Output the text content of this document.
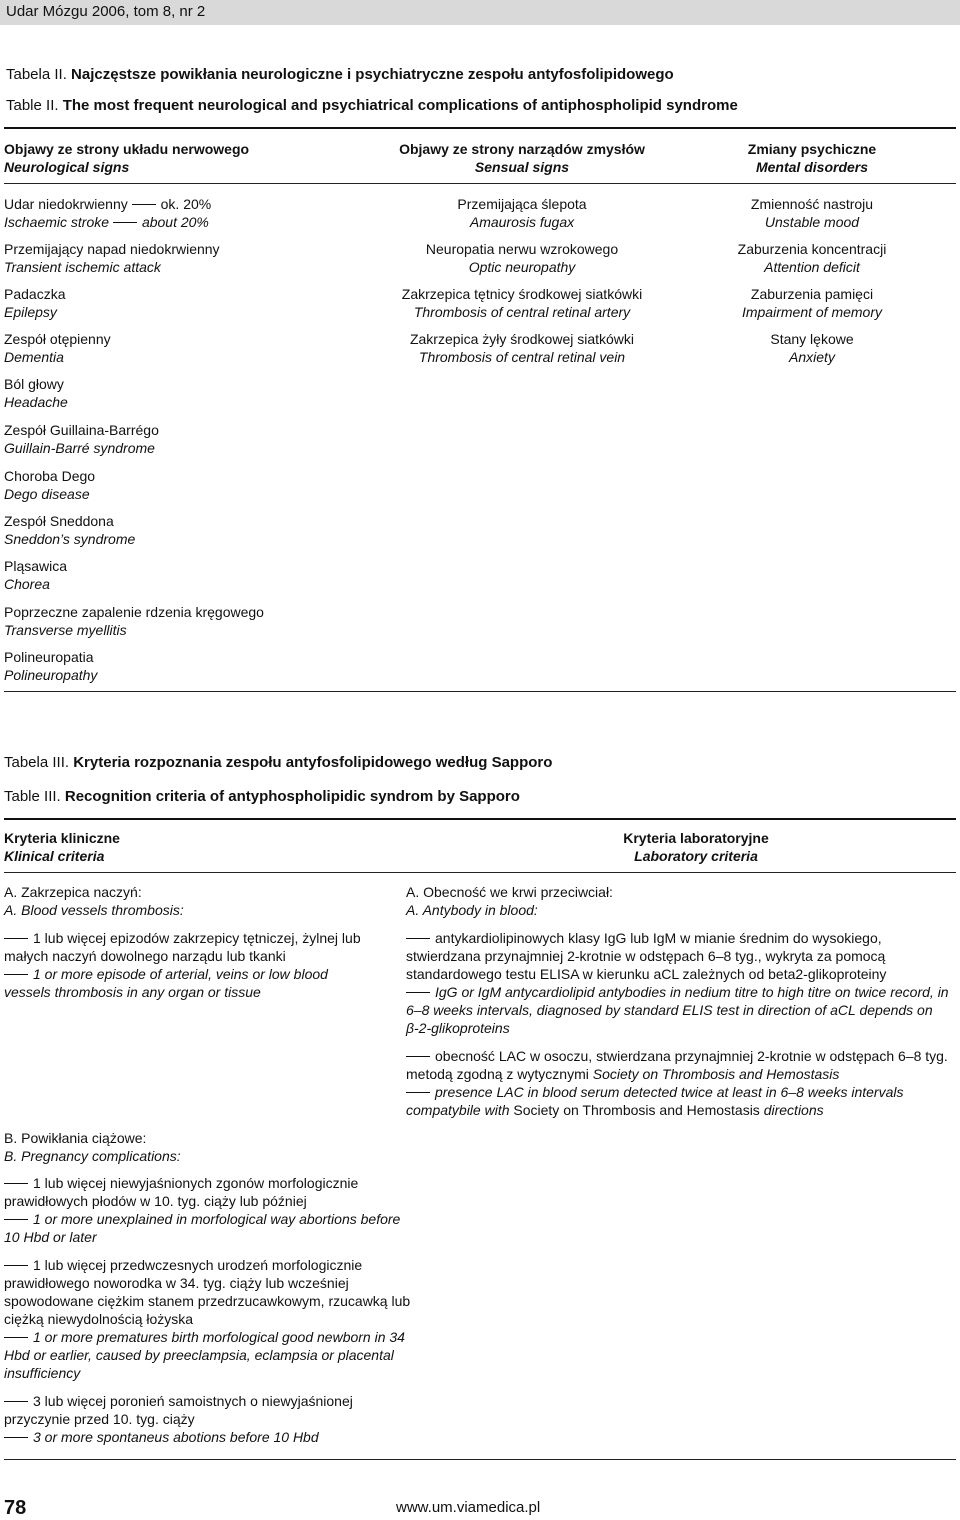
Udar Mózgu 2006, tom 8, nr 2
Tabela II. Najczęstsze powikłania neurologiczne i psychiatryczne zespołu antyfosfolipidowego
Table II. The most frequent neurological and psychiatrical complications of antiphospholipid syndrome
Objawy ze strony układu nerwowego
Neurological signs
Objawy ze strony narządów zmysłów
Sensual signs
Zmiany psychiczne
Mental disorders
Udar niedokrwienny ok. 20%
Ischaemic stroke about 20%
Przemijający napad niedokrwienny
Transient ischemic attack
Padaczka
Epilepsy
Zespół otępienny
Dementia
Ból głowy
Headache
Zespół Guillaina-Barrégo
Guillain-Barré syndrome
Choroba Dego
Dego disease
Zespół Sneddona
Sneddon’s syndrome
Pląsawica
Chorea
Poprzeczne zapalenie rdzenia kręgowego
Transverse myellitis
Polineuropatia
Polineuropathy
Przemijająca ślepota
Amaurosis fugax
Neuropatia nerwu wzrokowego
Optic neuropathy
Zakrzepica tętnicy środkowej siatkówki
Thrombosis of central retinal artery
Zakrzepica żyły środkowej siatkówki
Thrombosis of central retinal vein
Zmienność nastroju
Unstable mood
Zaburzenia koncentracji
Attention deficit
Zaburzenia pamięci
Impairment of memory
Stany lękowe
Anxiety
Tabela III. Kryteria rozpoznania zespołu antyfosfolipidowego według Sapporo
Table III. Recognition criteria of antyphospholipidic syndrom by Sapporo
Kryteria kliniczne
Klinical criteria
Kryteria laboratoryjne
Laboratory criteria
A. Zakrzepica naczyń:
A. Blood vessels thrombosis:
1 lub więcej epizodów zakrzepicy tętniczej, żylnej lub małych naczyń dowolnego narządu lub tkanki
1 or more episode of arterial, veins or low blood vessels thrombosis in any organ or tissue
A. Obecność we krwi przeciwciał:
A. Antybody in blood:
antykardiolipinowych klasy IgG lub IgM w mianie średnim do wysokiego, stwierdzana przynajmniej 2-krotnie w odstępach 6–8 tyg., wykryta za pomocą standardowego testu ELISA w kierunku aCL zależnych od beta2-glikoproteiny
IgG or IgM antycardiolipid antybodies in nedium titre to high titre on twice record, in 6–8 weeks intervals, diagnosed by standard ELIS test in direction of aCL depends on β-2-glikoproteins
obecność LAC w osoczu, stwierdzana przynajmniej 2-krotnie w odstępach 6–8 tyg. metodą zgodną z wytycznymi Society on Thrombosis and Hemostasis
presence LAC in blood serum detected twice at least in 6–8 weeks intervals compatybile with Society on Thrombosis and Hemostasis directions
B. Powikłania ciążowe:
B. Pregnancy complications:
1 lub więcej niewyjaśnionych zgonów morfologicznie prawidłowych płodów w 10. tyg. ciąży lub później
1 or more unexplained in morfological way abortions before 10 Hbd or later
1 lub więcej przedwczesnych urodzeń morfologicznie prawidłowego noworodka w 34. tyg. ciąży lub wcześniej spowodowane ciężkim stanem przedrzucawkowym, rzucawką lub ciężką niewydolnością łożyska
1 or more prematures birth morfological good newborn in 34 Hbd or earlier, caused by preeclampsia, eclampsia or placental insufficiency
3 lub więcej poronień samoistnych o niewyjaśnionej przyczynie przed 10. tyg. ciąży
3 or more spontaneus abotions before 10 Hbd
78	www.um.viamedica.pl
